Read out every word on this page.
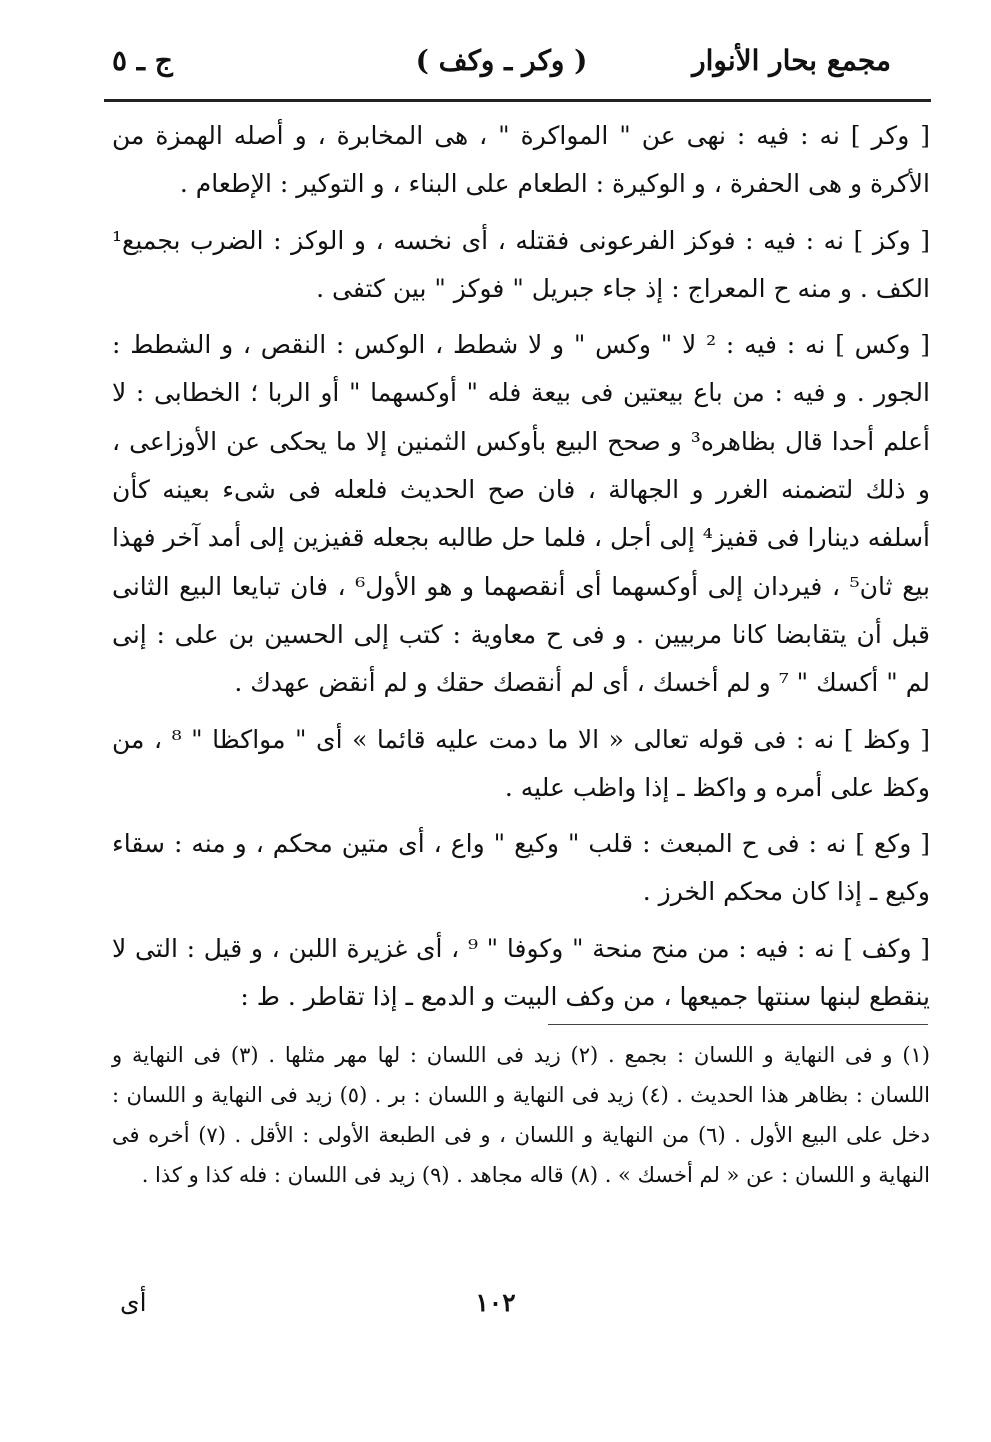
مجمع بحار الأنوار
( وكر ـ وكف )
ج ـ ٥

[ وكر ] نه : فيه : نهى عن " المواكرة " ، هى المخابرة ، و أصله الهمزة من الأكرة و هى الحفرة ، و الوكيرة : الطعام على البناء ، و التوكير : الإطعام .

[ وكز ] نه : فيه : فوكز الفرعونى فقتله ، أى نخسه ، و الوكز : الضرب بجميع¹ الكف . و منه ح المعراج : إذ جاء جبريل " فوكز " بين كتفى .

[ وكس ] نه : فيه : ² لا " وكس " و لا شطط ، الوكس : النقص ، و الشطط : الجور . و فيه : من باع بيعتين فى بيعة فله " أوكسهما " أو الربا ؛ الخطابى : لا أعلم أحدا قال بظاهره³ و صحح البيع بأوكس الثمنين إلا ما يحكى عن الأوزاعى ، و ذلك لتضمنه الغرر و الجهالة ، فان صح الحديث فلعله فى شىء بعينه كأن أسلفه دينارا فى قفيز⁴ إلى أجل ، فلما حل طالبه بجعله قفيزين إلى أمد آخر فهذا بيع ثان⁵ ، فيردان إلى أوكسهما أى أنقصهما و هو الأول⁶ ، فان تبايعا البيع الثانى قبل أن يتقابضا كانا مربيين . و فى ح معاوية : كتب إلى الحسين بن على : إنى لم " أكسك " ⁷ و لم أخسك ، أى لم أنقصك حقك و لم أنقض عهدك .

[ وكظ ] نه : فى قوله تعالى « الا ما دمت عليه قائما » أى " مواكظا " ⁸ ، من وكظ على أمره و واكظ ـ إذا واظب عليه .

[ وكع ] نه : فى ح المبعث : قلب " وكيع " واع ، أى متين محكم ، و منه : سقاء وكيع ـ إذا كان محكم الخرز .

[ وكف ] نه : فيه : من منح منحة " وكوفا " ⁹ ، أى غزيرة اللبن ، و قيل : التى لا ينقطع لبنها سنتها جميعها ، من وكف البيت و الدمع ـ إذا تقاطر . ط :

(١) و فى النهاية و اللسان : بجمع . (٢) زيد فى اللسان : لها مهر مثلها . (٣) فى النهاية و اللسان : بظاهر هذا الحديث . (٤) زيد فى النهاية و اللسان : بر . (٥) زيد فى النهاية و اللسان : دخل على البيع الأول . (٦) من النهاية و اللسان ، و فى الطبعة الأولى : الأقل . (٧) أخره فى النهاية و اللسان : عن « لم أخسك » . (٨) قاله مجاهد . (٩) زيد فى اللسان : فله كذا و كذا .

١٠٢
أى
